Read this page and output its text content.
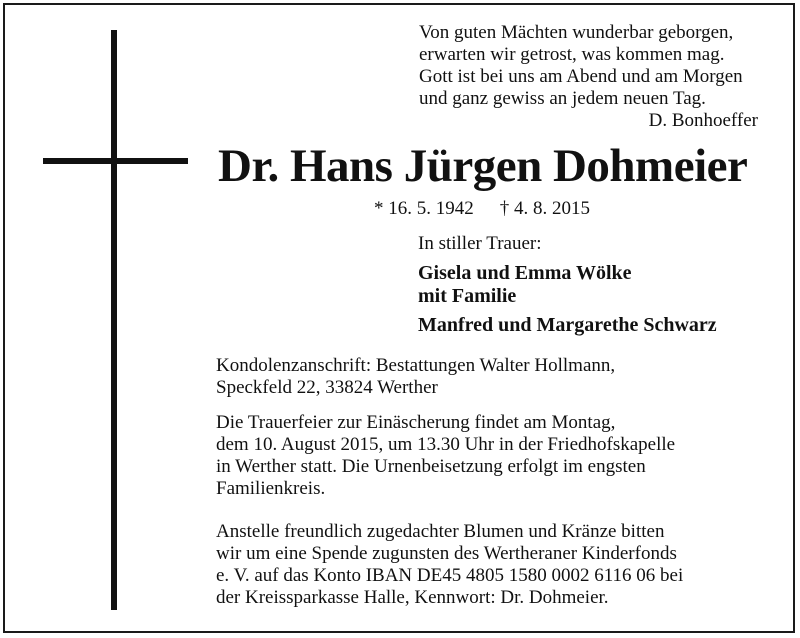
Von guten Mächten wunderbar geborgen,
erwarten wir getrost, was kommen mag.
Gott ist bei uns am Abend und am Morgen
und ganz gewiss an jedem neuen Tag.
D. Bonhoeffer
Dr. Hans Jürgen Dohmeier
* 16. 5. 1942 † 4. 8. 2015
In stiller Trauer:
Gisela und Emma Wölke
mit Familie
Manfred und Margarethe Schwarz
Kondolenzanschrift: Bestattungen Walter Hollmann,
Speckfeld 22, 33824 Werther
Die Trauerfeier zur Einäscherung findet am Montag,
dem 10. August 2015, um 13.30 Uhr in der Friedhofskapelle
in Werther statt. Die Urnenbeisetzung erfolgt im engsten
Familienkreis.
Anstelle freundlich zugedachter Blumen und Kränze bitten
wir um eine Spende zugunsten des Wertheraner Kinderfonds
e. V. auf das Konto IBAN DE45 4805 1580 0002 6116 06 bei
der Kreissparkasse Halle, Kennwort: Dr. Dohmeier.
